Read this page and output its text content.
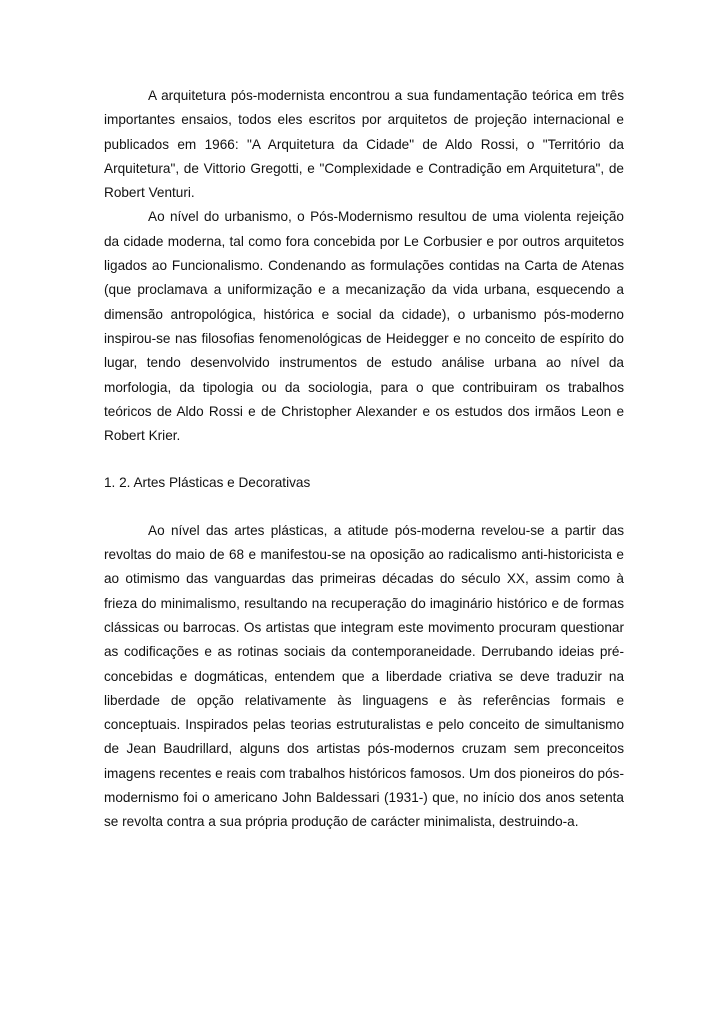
A arquitetura pós-modernista encontrou a sua fundamentação teórica em três importantes ensaios, todos eles escritos por arquitetos de projeção internacional e publicados em 1966: "A Arquitetura da Cidade" de Aldo Rossi, o "Território da Arquitetura", de Vittorio Gregotti, e "Complexidade e Contradição em Arquitetura", de Robert Venturi.

Ao nível do urbanismo, o Pós-Modernismo resultou de uma violenta rejeição da cidade moderna, tal como fora concebida por Le Corbusier e por outros arquitetos ligados ao Funcionalismo. Condenando as formulações contidas na Carta de Atenas (que proclamava a uniformização e a mecanização da vida urbana, esquecendo a dimensão antropológica, histórica e social da cidade), o urbanismo pós-moderno inspirou-se nas filosofias fenomenológicas de Heidegger e no conceito de espírito do lugar, tendo desenvolvido instrumentos de estudo análise urbana ao nível da morfologia, da tipologia ou da sociologia, para o que contribuiram os trabalhos teóricos de Aldo Rossi e de Christopher Alexander e os estudos dos irmãos Leon e Robert Krier.

1. 2. Artes Plásticas e Decorativas

Ao nível das artes plásticas, a atitude pós-moderna revelou-se a partir das revoltas do maio de 68 e manifestou-se na oposição ao radicalismo anti-historicista e ao otimismo das vanguardas das primeiras décadas do século XX, assim como à frieza do minimalismo, resultando na recuperação do imaginário histórico e de formas clássicas ou barrocas. Os artistas que integram este movimento procuram questionar as codificações e as rotinas sociais da contemporaneidade. Derrubando ideias pré-concebidas e dogmáticas, entendem que a liberdade criativa se deve traduzir na liberdade de opção relativamente às linguagens e às referências formais e conceptuais. Inspirados pelas teorias estruturalistas e pelo conceito de simultanismo de Jean Baudrillard, alguns dos artistas pós-modernos cruzam sem preconceitos imagens recentes e reais com trabalhos históricos famosos. Um dos pioneiros do pós-modernismo foi o americano John Baldessari (1931-) que, no início dos anos setenta se revolta contra a sua própria produção de carácter minimalista, destruindo-a.
